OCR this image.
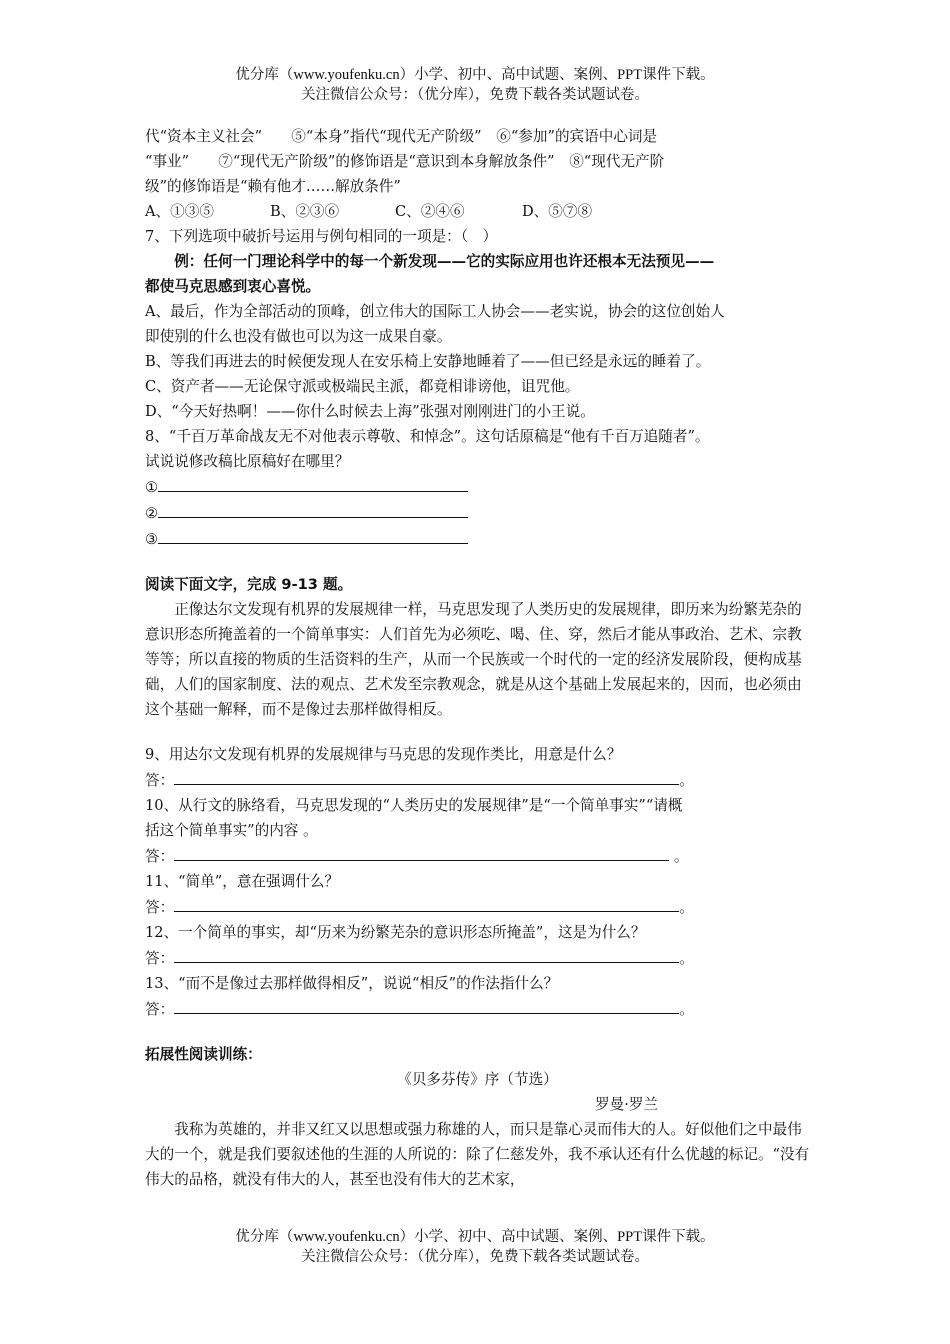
优分库（www.youfenku.cn）小学、初中、高中试题、案例、PPT课件下载。
关注微信公众号：（优分库），免费下载各类试题试卷。

代“资本主义社会”　　⑤“本身”指代“现代无产阶级”　⑥“参加”的宾语中心词是

“事业”　　⑦“现代无产阶级”的修饰语是“意识到本身解放条件”　⑧“现代无产阶

级”的修饰语是“赖有他才……解放条件”

A、①③⑤	B、②③⑥	C、②④⑥	D、⑤⑦⑧

7、下列选项中破折号运用与例句相同的一项是：（　）

例：任何一门理论科学中的每一个新发现——它的实际应用也许还根本无法预见——

都使马克思感到衷心喜悦。

A、最后，作为全部活动的顶峰，创立伟大的国际工人协会——老实说，协会的这位创始人

即使别的什么也没有做也可以为这一成果自豪。

B、等我们再进去的时候便发现人在安乐椅上安静地睡着了——但已经是永远的睡着了。

C、资产者——无论保守派或极端民主派，都竟相诽谤他，诅咒他。

D、“今天好热啊！——你什么时候去上海”张强对刚刚进门的小王说。

8、“千百万革命战友无不对他表示尊敬、和悼念”。这句话原稿是“他有千百万追随者”。

试说说修改稿比原稿好在哪里？

①

②

③

阅读下面文字，完成 9-13 题。

正像达尔文发现有机界的发展规律一样，马克思发现了人类历史的发展规律，即历来为纷繁芜杂的意识形态所掩盖着的一个简单事实：人们首先为必须吃、喝、住、穿，然后才能从事政治、艺术、宗教等等；所以直接的物质的生活资料的生产，从而一个民族或一个时代的一定的经济发展阶段，便构成基础，人们的国家制度、法的观点、艺术发至宗教观念，就是从这个基础上发展起来的，因而，也必须由这个基础一解释，而不是像过去那样做得相反。

9、用达尔文发现有机界的发展规律与马克思的发现作类比，用意是什么？

答：	。

10、从行文的脉络看，马克思发现的“人类历史的发展规律”是“一个简单事实”“请概

括这个简单事实”的内容 。

答：	。

11、“简单”，意在强调什么？

答：	。

12、一个简单的事实，却“历来为纷繁芜杂的意识形态所掩盖”，这是为什么？

答：	。

13、“而不是像过去那样做得相反”，说说“相反”的作法指什么？

答：	。

拓展性阅读训练：

《贝多芬传》序（节选）

罗曼·罗兰

我称为英雄的，并非又红又以思想或强力称雄的人，而只是靠心灵而伟大的人。好似他们之中最伟大的一个，就是我们要叙述他的生涯的人所说的：除了仁慈发外，我不承认还有什么优越的标记。“没有伟大的品格，就没有伟大的人，甚至也没有伟大的艺术家，

优分库（www.youfenku.cn）小学、初中、高中试题、案例、PPT课件下载。
关注微信公众号：（优分库），免费下载各类试题试卷。
